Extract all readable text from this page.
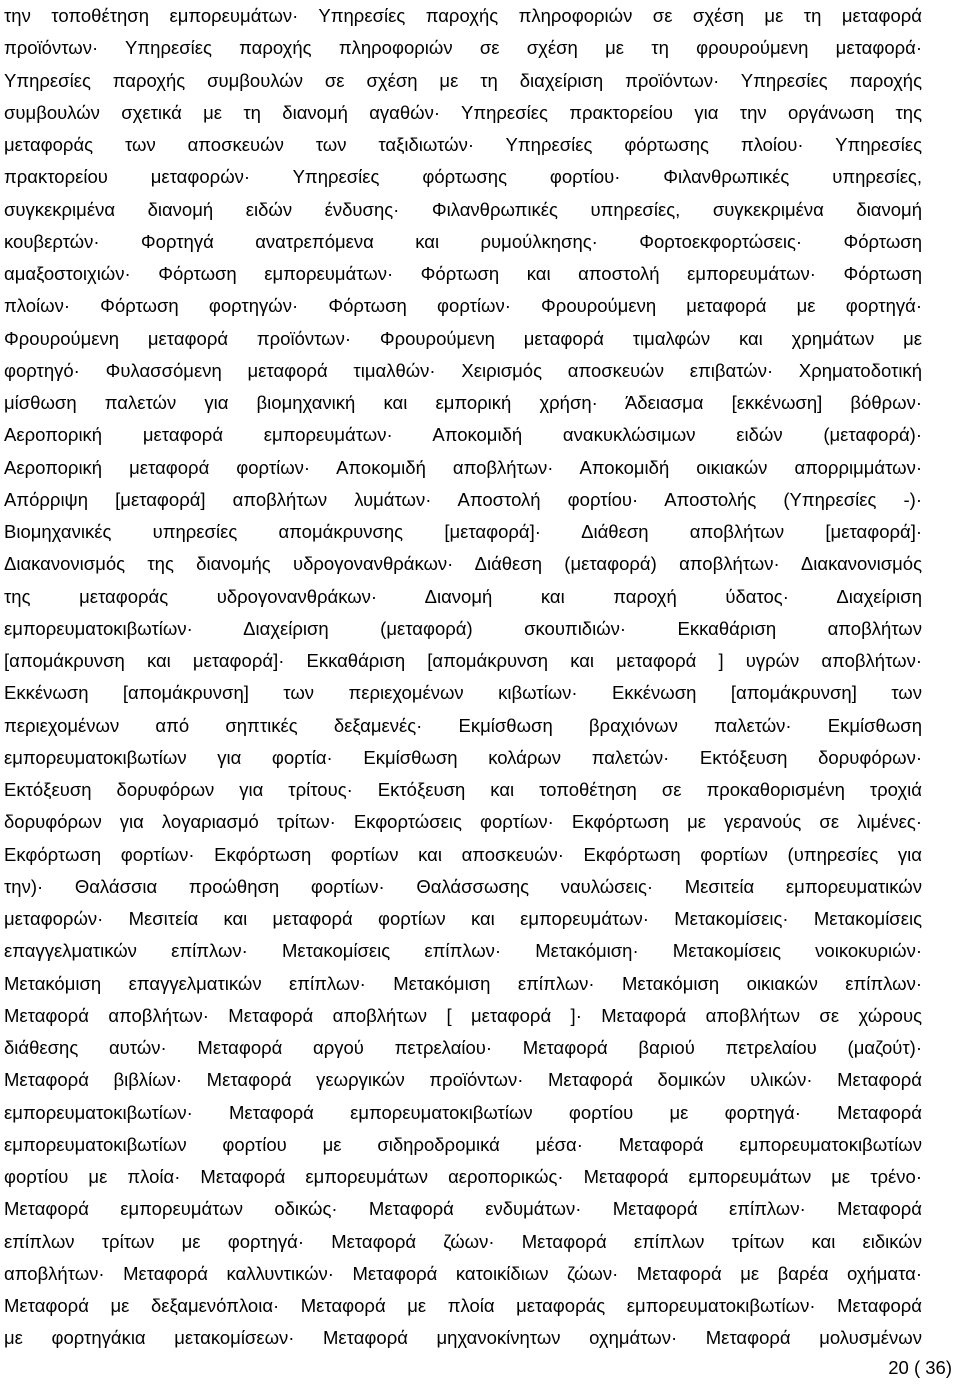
την τοποθέτηση εμπορευμάτων· Υπηρεσίες παροχής πληροφοριών σε σχέση με τη μεταφορά
προϊόντων· Υπηρεσίες παροχής πληροφοριών σε σχέση με τη φρουρούμενη μεταφορά·
Υπηρεσίες παροχής συμβουλών σε σχέση με τη διαχείριση προϊόντων· Υπηρεσίες παροχής
συμβουλών σχετικά με τη διανομή αγαθών· Υπηρεσίες πρακτορείου για την οργάνωση της
μεταφοράς των αποσκευών των ταξιδιωτών· Υπηρεσίες φόρτωσης πλοίου· Υπηρεσίες
πρακτορείου μεταφορών· Υπηρεσίες φόρτωσης φορτίου· Φιλανθρωπικές υπηρεσίες,
συγκεκριμένα διανομή ειδών ένδυσης· Φιλανθρωπικές υπηρεσίες, συγκεκριμένα διανομή
κουβερτών· Φορτηγά ανατρεπόμενα και ρυμούλκησης· Φορτοεκφορτώσεις· Φόρτωση
αμαξοστοιχιών· Φόρτωση εμπορευμάτων· Φόρτωση και αποστολή εμπορευμάτων· Φόρτωση
πλοίων· Φόρτωση φορτηγών· Φόρτωση φορτίων· Φρουρούμενη μεταφορά με φορτηγά·
Φρουρούμενη μεταφορά προϊόντων· Φρουρούμενη μεταφορά τιμαλφών και χρημάτων με
φορτηγό· Φυλασσόμενη μεταφορά τιμαλθών· Χειρισμός αποσκευών επιβατών· Χρηματοδοτική
μίσθωση παλετών για βιομηχανική και εμπορική χρήση· Άδειασμα [εκκένωση] βόθρων·
Αεροπορική μεταφορά εμπορευμάτων· Αποκομιδή ανακυκλώσιμων ειδών (μεταφορά)·
Αεροπορική μεταφορά φορτίων· Αποκομιδή αποβλήτων· Αποκομιδή οικιακών απορριμμάτων·
Απόρριψη [μεταφορά] αποβλήτων λυμάτων· Αποστολή φορτίου· Αποστολής (Υπηρεσίες -)·
Βιομηχανικές υπηρεσίες απομάκρυνσης [μεταφορά]· Διάθεση αποβλήτων [μεταφορά]·
Διακανονισμός της διανομής υδρογονανθράκων· Διάθεση (μεταφορά) αποβλήτων· Διακανονισμός
της μεταφοράς υδρογονανθράκων· Διανομή και παροχή ύδατος· Διαχείριση
εμπορευματοκιβωτίων· Διαχείριση (μεταφορά) σκουπιδιών· Εκκαθάριση αποβλήτων
[απομάκρυνση και μεταφορά]· Εκκαθάριση [απομάκρυνση και μεταφορά ] υγρών αποβλήτων·
Εκκένωση [απομάκρυνση] των περιεχομένων κιβωτίων· Εκκένωση [απομάκρυνση] των
περιεχομένων από σηπτικές δεξαμενές· Εκμίσθωση βραχιόνων παλετών· Εκμίσθωση
εμπορευματοκιβωτίων για φορτία· Εκμίσθωση κολάρων παλετών· Εκτόξευση δορυφόρων·
Εκτόξευση δορυφόρων για τρίτους· Εκτόξευση και τοποθέτηση σε προκαθορισμένη τροχιά
δορυφόρων για λογαριασμό τρίτων· Εκφορτώσεις φορτίων· Εκφόρτωση με γερανούς σε λιμένες·
Εκφόρτωση φορτίων· Εκφόρτωση φορτίων και αποσκευών· Εκφόρτωση φορτίων (υπηρεσίες για
την)· Θαλάσσια προώθηση φορτίων· Θαλάσσωσης ναυλώσεις· Μεσιτεία εμπορευματικών
μεταφορών· Μεσιτεία και μεταφορά φορτίων και εμπορευμάτων· Μετακομίσεις· Μετακομίσεις
επαγγελματικών επίπλων· Μετακομίσεις επίπλων· Μετακόμιση· Μετακομίσεις νοικοκυριών·
Μετακόμιση επαγγελματικών επίπλων· Μετακόμιση επίπλων· Μετακόμιση οικιακών επίπλων·
Μεταφορά αποβλήτων· Μεταφορά αποβλήτων [ μεταφορά ]· Μεταφορά αποβλήτων σε χώρους
διάθεσης αυτών· Μεταφορά αργού πετρελαίου· Μεταφορά βαριού πετρελαίου (μαζούτ)·
Μεταφορά βιβλίων· Μεταφορά γεωργικών προϊόντων· Μεταφορά δομικών υλικών· Μεταφορά
εμπορευματοκιβωτίων· Μεταφορά εμπορευματοκιβωτίων φορτίου με φορτηγά· Μεταφορά
εμπορευματοκιβωτίων φορτίου με σιδηροδρομικά μέσα· Μεταφορά εμπορευματοκιβωτίων
φορτίου με πλοία· Μεταφορά εμπορευμάτων αεροπορικώς· Μεταφορά εμπορευμάτων με τρένο·
Μεταφορά εμπορευμάτων οδικώς· Μεταφορά ενδυμάτων· Μεταφορά επίπλων· Μεταφορά
επίπλων τρίτων με φορτηγά· Μεταφορά ζώων· Μεταφορά επίπλων τρίτων και ειδικών
αποβλήτων· Μεταφορά καλλυντικών· Μεταφορά κατοικίδιων ζώων· Μεταφορά με βαρέα οχήματα·
Μεταφορά με δεξαμενόπλοια· Μεταφορά με πλοία μεταφοράς εμπορευματοκιβωτίων· Μεταφορά
με φορτηγάκια μετακομίσεων· Μεταφορά μηχανοκίνητων οχημάτων· Μεταφορά μολυσμένων
20 ( 36)
